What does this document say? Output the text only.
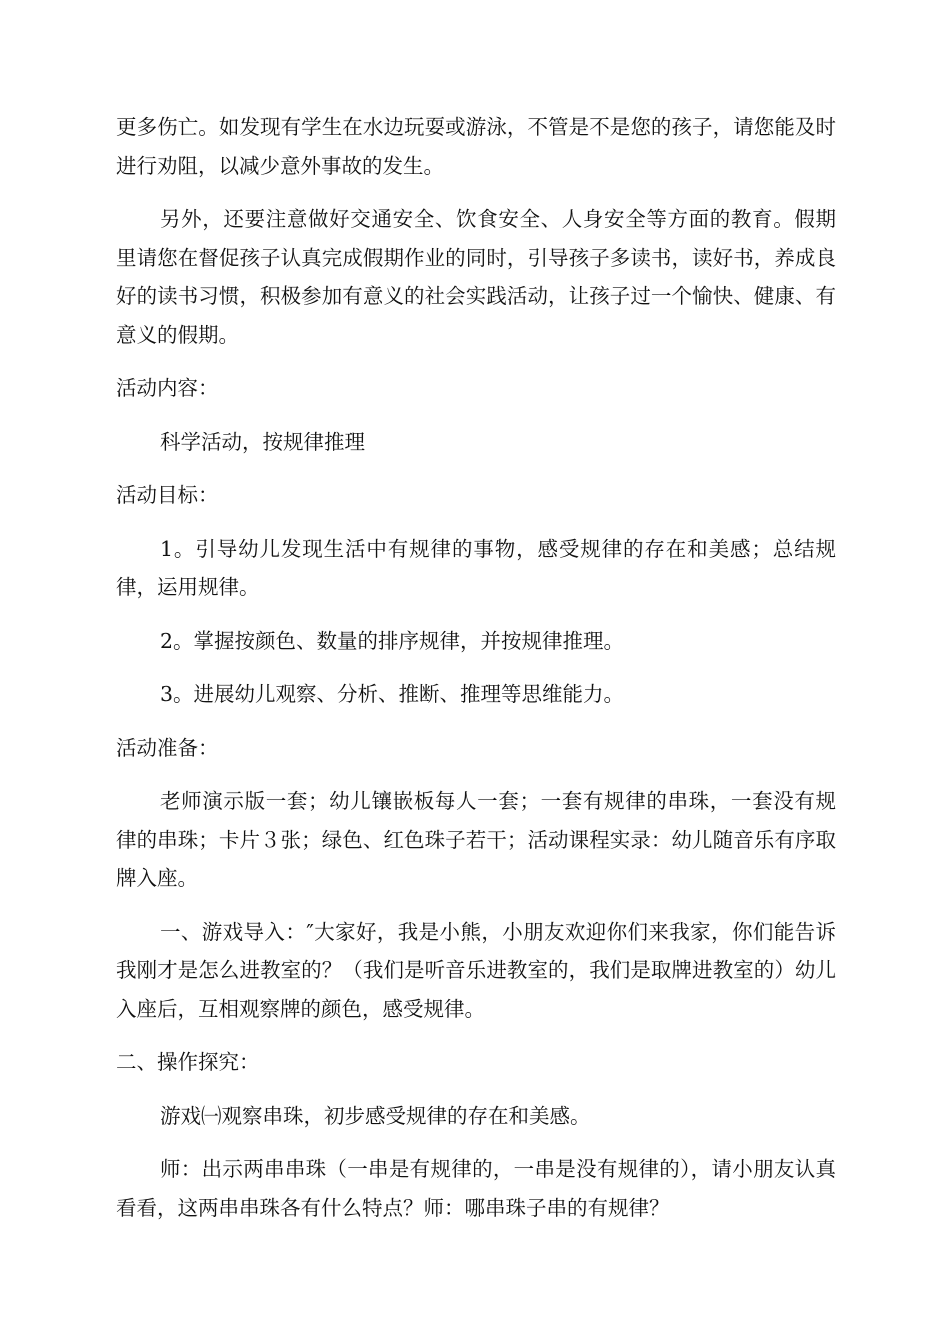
更多伤亡。如发现有学生在水边玩耍或游泳，不管是不是您的孩子，请您能及时进行劝阻，以减少意外事故的发生。

另外，还要注意做好交通安全、饮食安全、人身安全等方面的教育。假期里请您在督促孩子认真完成假期作业的同时，引导孩子多读书，读好书，养成良好的读书习惯，积极参加有意义的社会实践活动，让孩子过一个愉快、健康、有意义的假期。

活动内容：

科学活动，按规律推理

活动目标：

1。引导幼儿发现生活中有规律的事物，感受规律的存在和美感；总结规律，运用规律。

2。掌握按颜色、数量的排序规律，并按规律推理。

3。进展幼儿观察、分析、推断、推理等思维能力。

活动准备：

老师演示版一套；幼儿镶嵌板每人一套；一套有规律的串珠，一套没有规律的串珠；卡片３张；绿色、红色珠子若干；活动课程实录：幼儿随音乐有序取牌入座。

一、游戏导入：″大家好，我是小熊，小朋友欢迎你们来我家，你们能告诉我刚才是怎么进教室的？（我们是听音乐进教室的，我们是取牌进教室的）幼儿入座后，互相观察牌的颜色，感受规律。

二、操作探究：

游戏㈠观察串珠，初步感受规律的存在和美感。

师：出示两串串珠（一串是有规律的，一串是没有规律的），请小朋友认真看看，这两串串珠各有什么特点？师：哪串珠子串的有规律？
